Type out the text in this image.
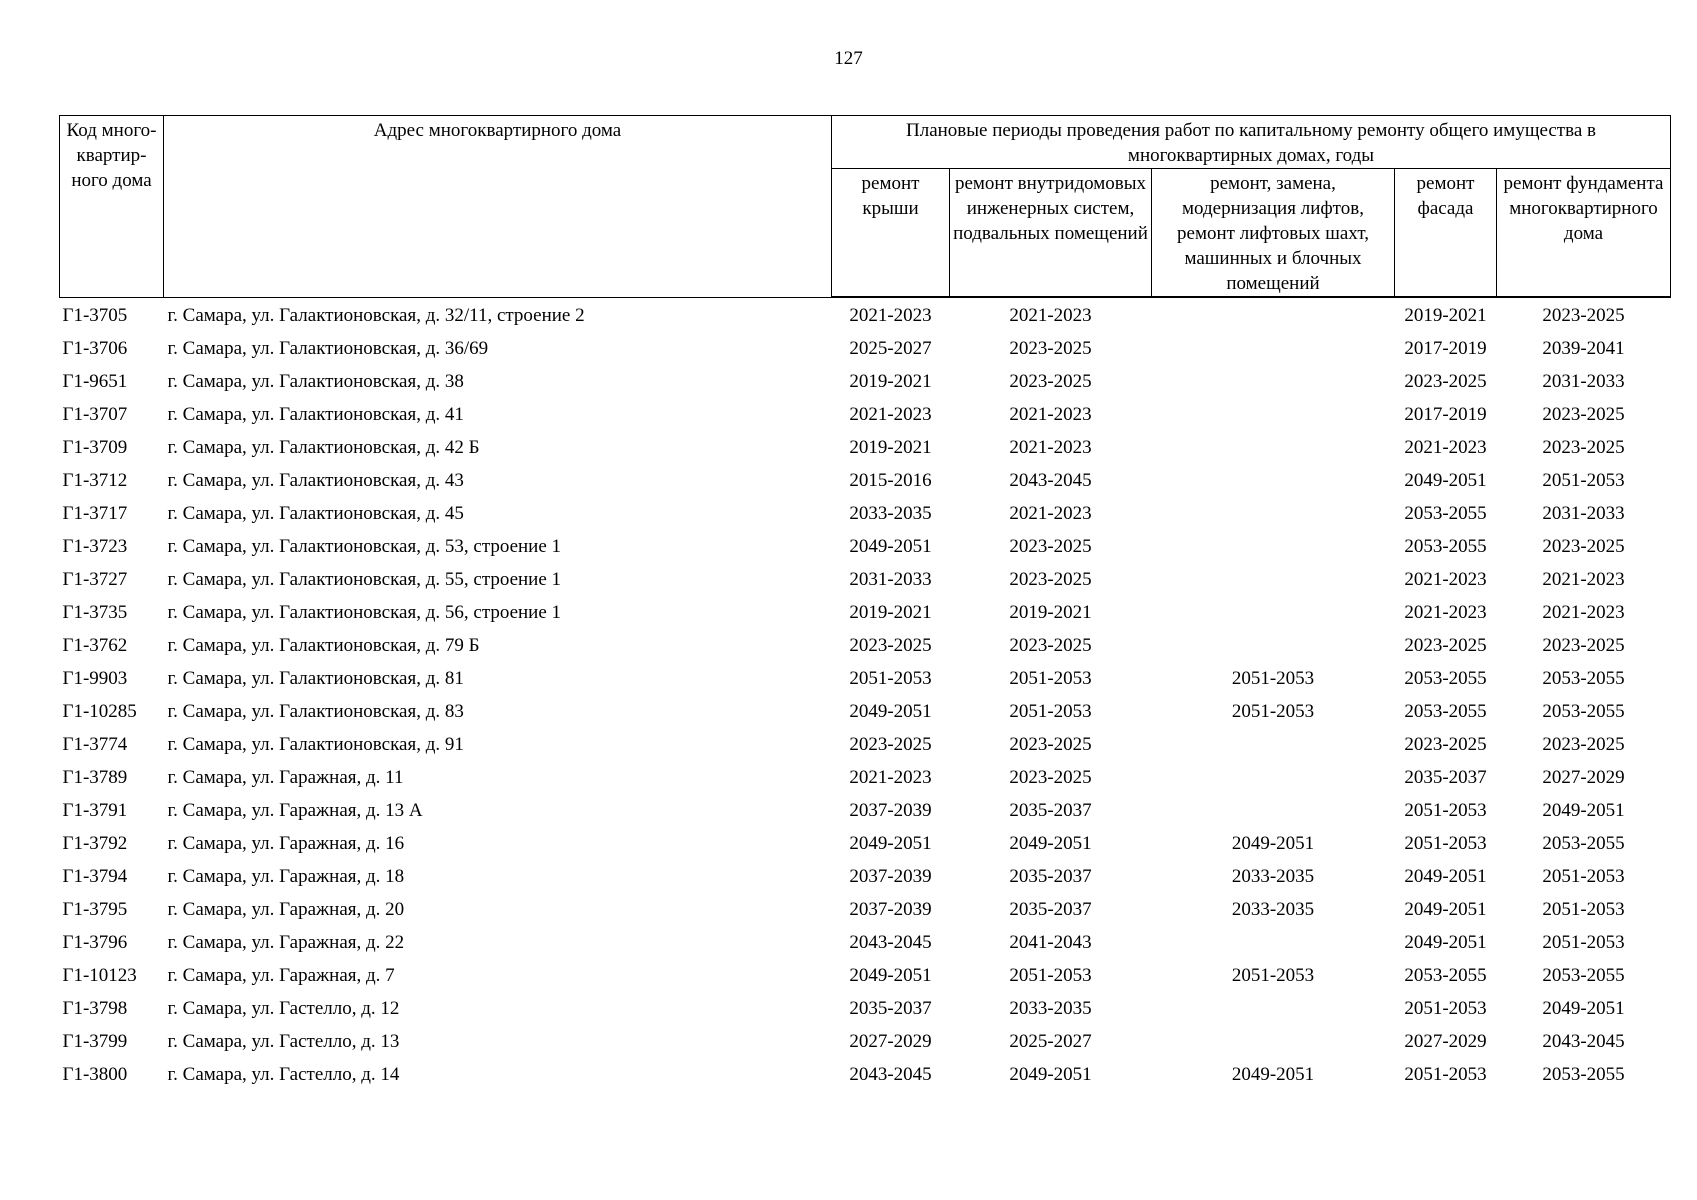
127
Код много-квартир-ного дома	Адрес многоквартирного дома	Плановые периоды проведения работ по капитальному ремонту общего имущества в многоквартирных домах, годы				
		ремонт крыши	ремонт внутридомовых инженерных систем, подвальных помещений	ремонт, замена, модернизация лифтов, ремонт лифтовых шахт, машинных и блочных помещений	ремонт фасада	ремонт фундамента многоквартирного дома
Г1-3705	г. Самара, ул. Галактионовская, д. 32/11, строение 2	2021-2023	2021-2023		2019-2021	2023-2025
Г1-3706	г. Самара, ул. Галактионовская, д. 36/69	2025-2027	2023-2025		2017-2019	2039-2041
Г1-9651	г. Самара, ул. Галактионовская, д. 38	2019-2021	2023-2025		2023-2025	2031-2033
Г1-3707	г. Самара, ул. Галактионовская, д. 41	2021-2023	2021-2023		2017-2019	2023-2025
Г1-3709	г. Самара, ул. Галактионовская, д. 42 Б	2019-2021	2021-2023		2021-2023	2023-2025
Г1-3712	г. Самара, ул. Галактионовская, д. 43	2015-2016	2043-2045		2049-2051	2051-2053
Г1-3717	г. Самара, ул. Галактионовская, д. 45	2033-2035	2021-2023		2053-2055	2031-2033
Г1-3723	г. Самара, ул. Галактионовская, д. 53, строение 1	2049-2051	2023-2025		2053-2055	2023-2025
Г1-3727	г. Самара, ул. Галактионовская, д. 55, строение 1	2031-2033	2023-2025		2021-2023	2021-2023
Г1-3735	г. Самара, ул. Галактионовская, д. 56, строение 1	2019-2021	2019-2021		2021-2023	2021-2023
Г1-3762	г. Самара, ул. Галактионовская, д. 79 Б	2023-2025	2023-2025		2023-2025	2023-2025
Г1-9903	г. Самара, ул. Галактионовская, д. 81	2051-2053	2051-2053	2051-2053	2053-2055	2053-2055
Г1-10285	г. Самара, ул. Галактионовская, д. 83	2049-2051	2051-2053	2051-2053	2053-2055	2053-2055
Г1-3774	г. Самара, ул. Галактионовская, д. 91	2023-2025	2023-2025		2023-2025	2023-2025
Г1-3789	г. Самара, ул. Гаражная, д. 11	2021-2023	2023-2025		2035-2037	2027-2029
Г1-3791	г. Самара, ул. Гаражная, д. 13 А	2037-2039	2035-2037		2051-2053	2049-2051
Г1-3792	г. Самара, ул. Гаражная, д. 16	2049-2051	2049-2051	2049-2051	2051-2053	2053-2055
Г1-3794	г. Самара, ул. Гаражная, д. 18	2037-2039	2035-2037	2033-2035	2049-2051	2051-2053
Г1-3795	г. Самара, ул. Гаражная, д. 20	2037-2039	2035-2037	2033-2035	2049-2051	2051-2053
Г1-3796	г. Самара, ул. Гаражная, д. 22	2043-2045	2041-2043		2049-2051	2051-2053
Г1-10123	г. Самара, ул. Гаражная, д. 7	2049-2051	2051-2053	2051-2053	2053-2055	2053-2055
Г1-3798	г. Самара, ул. Гастелло, д. 12	2035-2037	2033-2035		2051-2053	2049-2051
Г1-3799	г. Самара, ул. Гастелло, д. 13	2027-2029	2025-2027		2027-2029	2043-2045
Г1-3800	г. Самара, ул. Гастелло, д. 14	2043-2045	2049-2051	2049-2051	2051-2053	2053-2055
